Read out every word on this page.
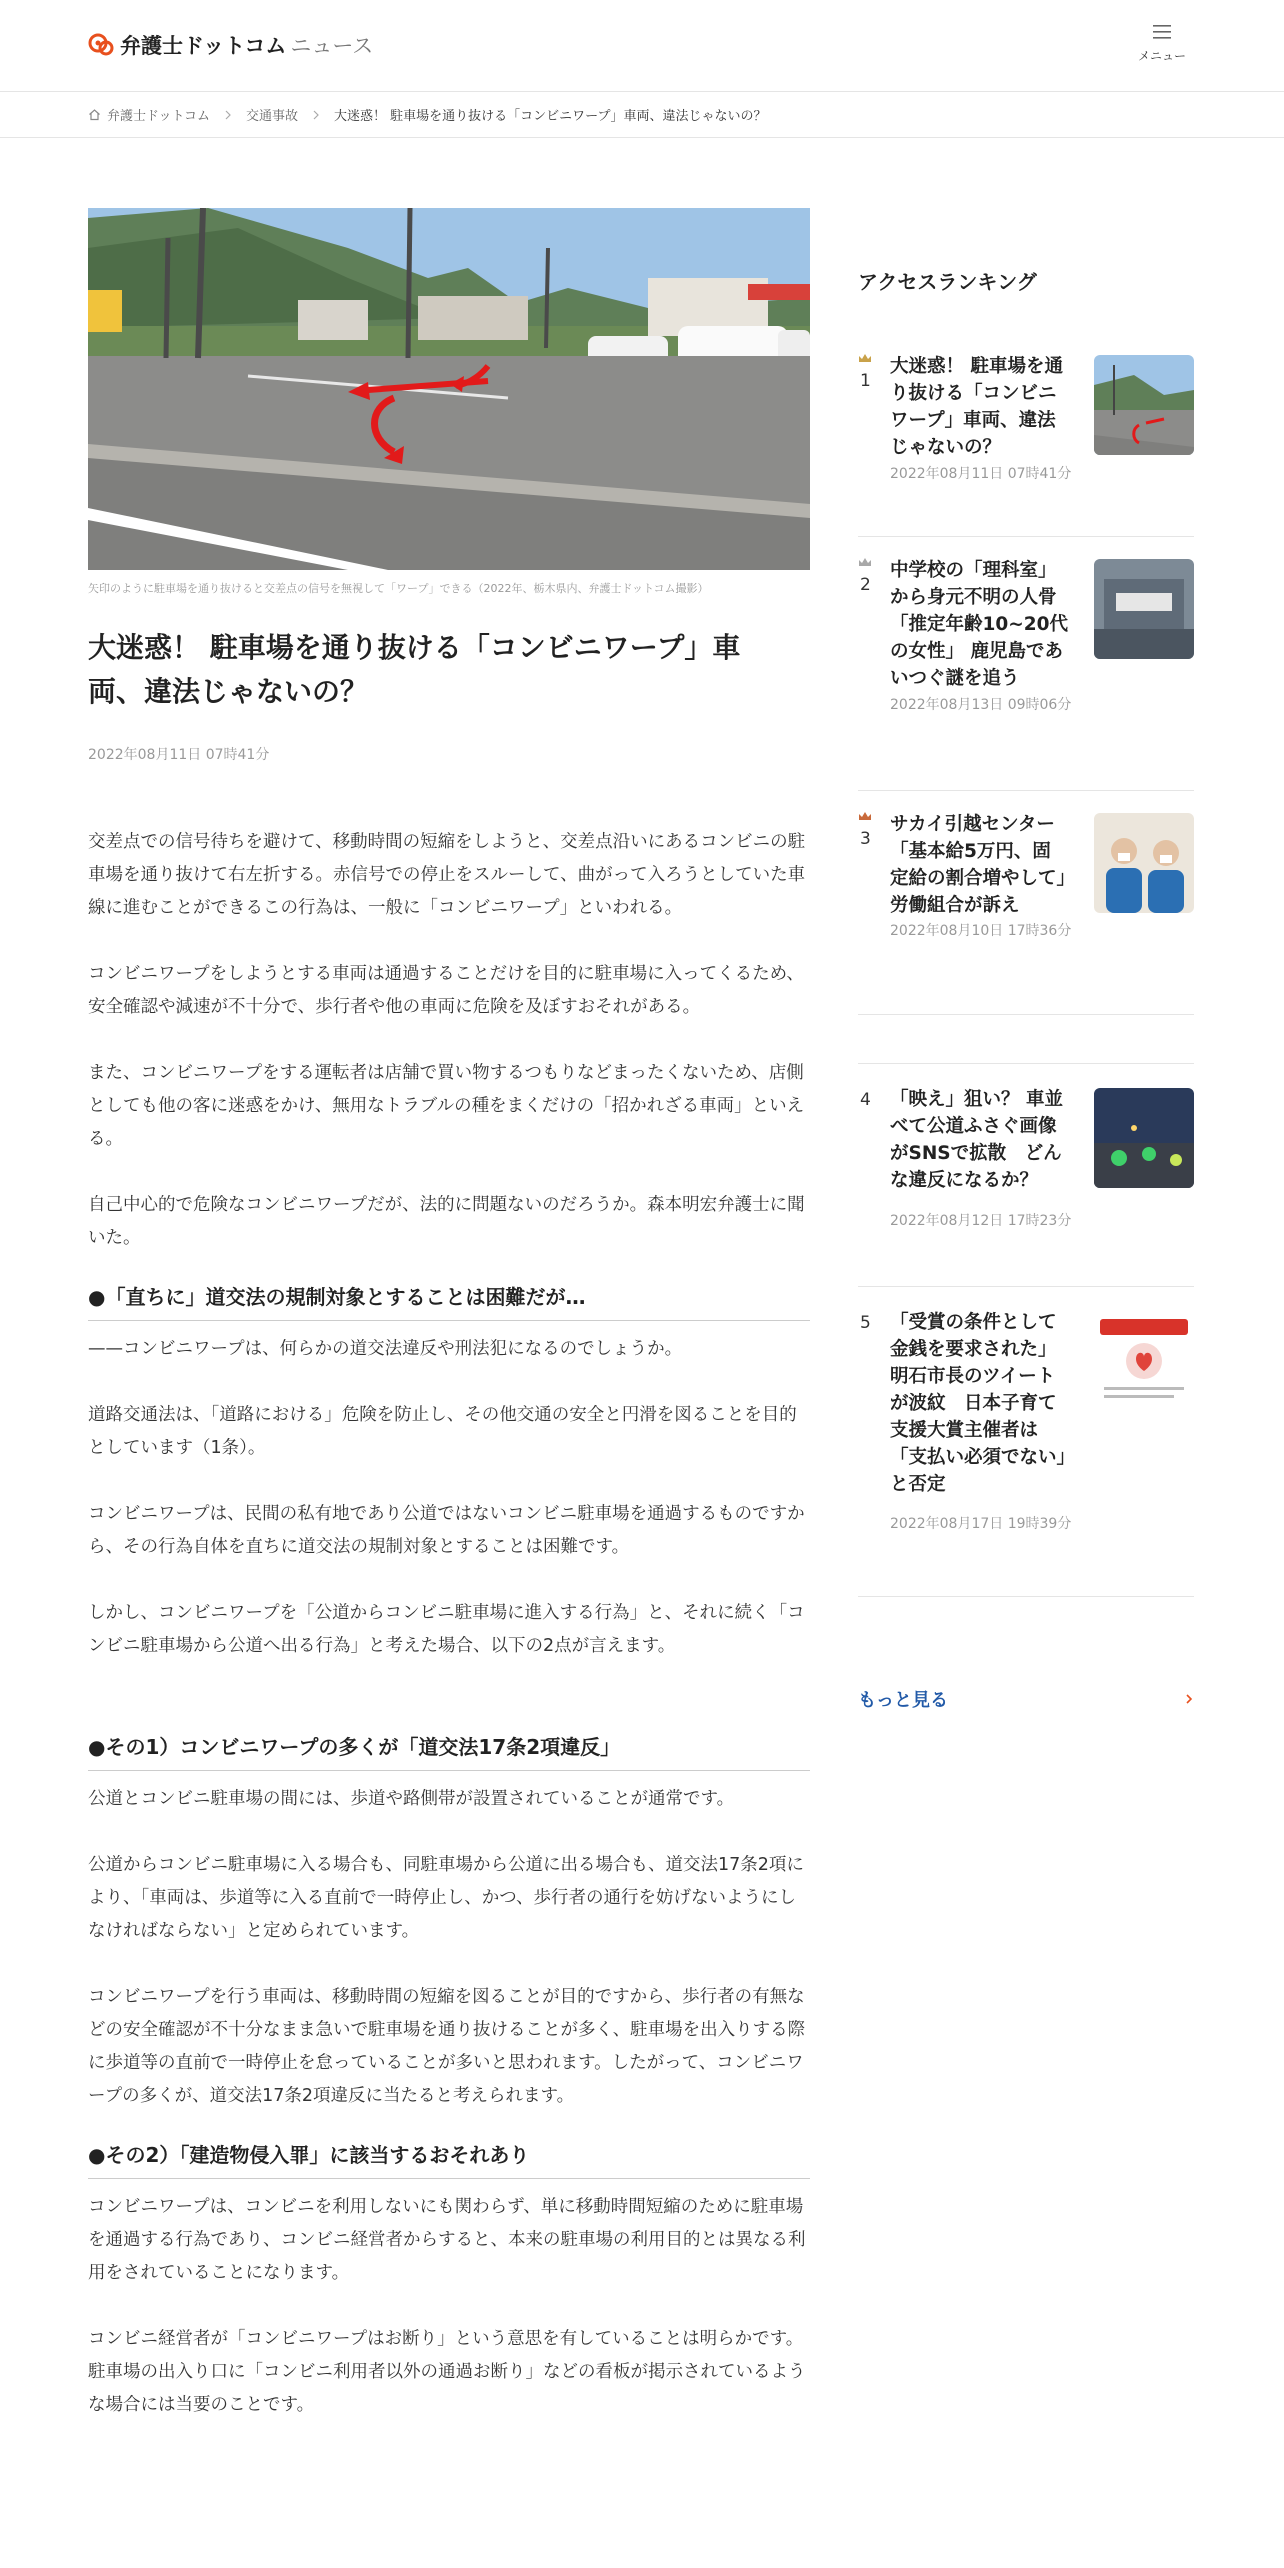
弁護士ドットコム ニュース	メニュー
弁護士ドットコム	交通事故	大迷惑！ 駐車場を通り抜ける「コンビニワープ」車両、違法じゃないの？
矢印のように駐車場を通り抜けると交差点の信号を無視して「ワープ」できる（2022年、栃木県内、弁護士ドットコム撮影）
大迷惑！ 駐車場を通り抜ける「コンビニワープ」車両、違法じゃないの？
2022年08月11日 07時41分

交差点での信号待ちを避けて、移動時間の短縮をしようと、交差点沿いにあるコンビニの駐車場を通り抜けて右左折する。赤信号での停止をスルーして、曲がって入ろうとしていた車線に進むことができるこの行為は、一般に「コンビニワープ」といわれる。

コンビニワープをしようとする車両は通過することだけを目的に駐車場に入ってくるため、安全確認や減速が不十分で、歩行者や他の車両に危険を及ぼすおそれがある。

また、コンビニワープをする運転者は店舗で買い物するつもりなどまったくないため、店側としても他の客に迷惑をかけ、無用なトラブルの種をまくだけの「招かれざる車両」といえる。

自己中心的で危険なコンビニワープだが、法的に問題ないのだろうか。森本明宏弁護士に聞いた。

●「直ちに」道交法の規制対象とすることは困難だが…

——コンビニワープは、何らかの道交法違反や刑法犯になるのでしょうか。

道路交通法は、「道路における」危険を防止し、その他交通の安全と円滑を図ることを目的としています（1条）。

コンビニワープは、民間の私有地であり公道ではないコンビニ駐車場を通過するものですから、その行為自体を直ちに道交法の規制対象とすることは困難です。

しかし、コンビニワープを「公道からコンビニ駐車場に進入する行為」と、それに続く「コンビニ駐車場から公道へ出る行為」と考えた場合、以下の2点が言えます。

●その1）コンビニワープの多くが「道交法17条2項違反」

公道とコンビニ駐車場の間には、歩道や路側帯が設置されていることが通常です。

公道からコンビニ駐車場に入る場合も、同駐車場から公道に出る場合も、道交法17条2項により、「車両は、歩道等に入る直前で一時停止し、かつ、歩行者の通行を妨げないようにしなければならない」と定められています。

コンビニワープを行う車両は、移動時間の短縮を図ることが目的ですから、歩行者の有無などの安全確認が不十分なまま急いで駐車場を通り抜けることが多く、駐車場を出入りする際に歩道等の直前で一時停止を怠っていることが多いと思われます。したがって、コンビニワープの多くが、道交法17条2項違反に当たると考えられます。

●その2）「建造物侵入罪」に該当するおそれあり

コンビニワープは、コンビニを利用しないにも関わらず、単に移動時間短縮のために駐車場を通過する行為であり、コンビニ経営者からすると、本来の駐車場の利用目的とは異なる利用をされていることになります。

コンビニ経営者が「コンビニワープはお断り」という意思を有していることは明らかです。駐車場の出入り口に「コンビニ利用者以外の通過お断り」などの看板が掲示されているような場合には当要のことです。

アクセスランキング
1
大迷惑！ 駐車場を通り抜ける「コンビニワープ」車両、違法じゃないの？
2022年08月11日 07時41分
2
中学校の「理科室」から身元不明の人骨「推定年齢10~20代の女性」 鹿児島であいつぐ謎を追う
2022年08月13日 09時06分
3
サカイ引越センター「基本給5万円、固定給の割合増やして」労働組合が訴え
2022年08月10日 17時36分
4 「映え」狙い？ 車並べて公道ふさぐ画像がSNSで拡散　どんな違反になるか？
2022年08月12日 17時23分
5 「受賞の条件として金銭を要求された」明石市長のツイートが波紋　日本子育て支援大賞主催者は「支払い必須でない」と否定
2022年08月17日 19時39分
もっと見る
